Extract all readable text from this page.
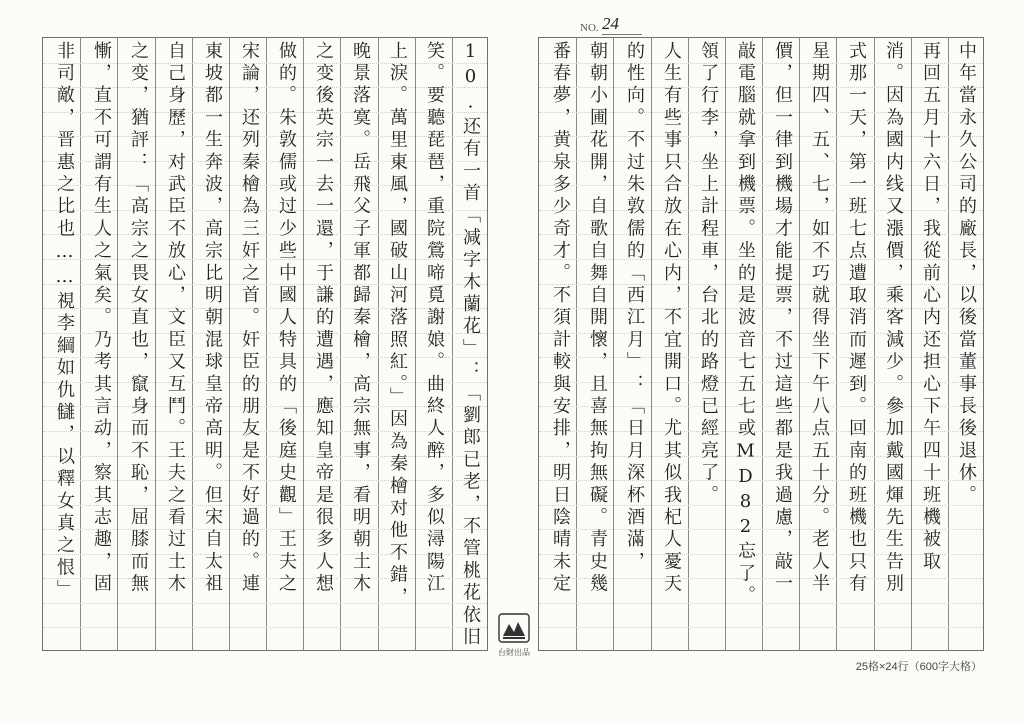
NO. 24
10.还有一首「减字木蘭花」：「劉郎已老，不管桃花依旧
笑。要聽琵琶，重院鶯啼覓謝娘。曲終人醉，多似潯陽江
上淚。萬里東風，國破山河落照紅。」因為秦檜对他不錯，
晚景落寞。岳飛父子軍都歸秦檜，高宗無事，看明朝土木
之变後英宗一去一還，于謙的遭遇，應知皇帝是很多人想
做的。朱敦儒或过少些中國人特具的「後庭史觀」王夫之
宋論，还列秦檜為三奸之首。奸臣的朋友是不好過的。連
東坡都一生奔波，高宗比明朝混球皇帝高明。但宋自太祖
自己身歷，对武臣不放心，文臣又互鬥。王夫之看过土木
之变，猶評：「高宗之畏女直也，竄身而不恥，屈膝而無
慚，直不可謂有生人之氣矣。乃考其言动，察其志趣，固
非司敵，晋惠之比也……視李綱如仇讎，以釋女真之恨」	中年當永久公司的廠長，以後當董事長後退休。
再回五月十六日，我從前心内还担心下午四十班機被取
消。因為國内线又漲價，乘客減少。參加戴國煇先生告別
式那一天，第一班七点遭取消而遲到。回南的班機也只有
星期四、五、七，如不巧就得坐下午八点五十分。老人半
價，但一律到機場才能提票，不过這些都是我過慮，敲一
敲電腦就拿到機票。坐的是波音七五七或MD82忘了。
領了行李，坐上計程車，台北的路燈已經亮了。
人生有些事只合放在心内，不宜開口。尤其似我杞人憂天
的性向。不过朱敦儒的「西江月」：「日月深杯酒滿，
朝朝小圃花開，自歌自舞自開懷，且喜無拘無礙。青史幾
番春夢，黄泉多少奇才。不須計較與安排，明日陰晴未定
台財出品
25格×24行（600字大格）
